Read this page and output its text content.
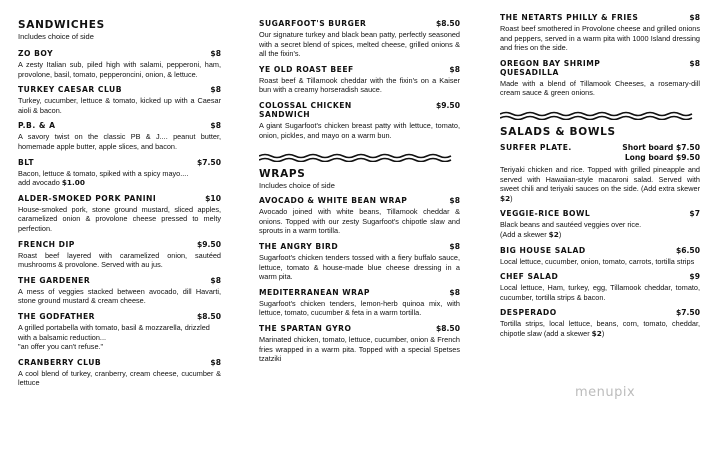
SANDWICHES
Includes choice of side
ZO BOY	$8
A zesty Italian sub, piled high with salami, pepperoni, ham, provolone, basil, tomato, pepperoncini, onion, & lettuce.
TURKEY CAESAR CLUB	$8
Turkey, cucumber, lettuce & tomato, kicked up with a Caesar aioli & bacon.
P.B. & A	$8
A savory twist on the classic PB & J.... peanut butter, homemade apple butter, apple slices, and bacon.
BLT	$7.50
Bacon, lettuce & tomato, spiked with a spicy mayo....
add avocado $1.00
ALDER-SMOKED PORK PANINI	$10
House-smoked pork, stone ground mustard, sliced apples, caramelized onion & provolone cheese pressed to melty perfection.
FRENCH DIP	$9.50
Roast beef layered with caramelized onion, sautéed mushrooms & provolone. Served with au jus.
THE GARDENER	$8
A mess of veggies stacked between avocado, dill Havarti, stone ground mustard & cream cheese.
THE GODFATHER	$8.50
A grilled portabella with tomato, basil & mozzarella, drizzled with a balsamic reduction...
"an offer you can't refuse."
CRANBERRY CLUB	$8
A cool blend of turkey, cranberry, cream cheese, cucumber & lettuce
SUGARFOOT'S BURGER	$8.50
Our signature turkey and black bean patty, perfectly seasoned with a secret blend of spices, melted cheese, grilled onions & all the fixin's.
YE OLD ROAST BEEF	$8
Roast beef & Tillamook cheddar with the fixin's on a Kaiser bun with a creamy horseradish sauce.
COLOSSAL CHICKEN
SANDWICH
$9.50
A giant Sugarfoot's chicken breast patty with lettuce, tomato, onion, pickles, and mayo on a warm bun.
WRAPS
Includes choice of side
AVOCADO & WHITE BEAN WRAP	$8
Avocado joined with white beans, Tillamook cheddar & onions. Topped with our zesty Sugarfoot's chipotle slaw and sprouts in a warm tortilla.
THE ANGRY BIRD	$8
Sugarfoot's chicken tenders tossed with a fiery buffalo sauce, lettuce, tomato & house-made blue cheese dressing in a warm pita.
MEDITERRANEAN WRAP	$8
Sugarfoot's chicken tenders, lemon-herb quinoa mix, with lettuce, tomato, cucumber & feta in a warm tortilla.
THE SPARTAN GYRO	$8.50
Marinated chicken, tomato, lettuce, cucumber, onion & French fries wrapped in a warm pita. Topped with a special Spetses tzatziki
THE NETARTS PHILLY & FRIES	$8
Roast beef smothered in Provolone cheese and grilled onions and peppers, served in a warm pita with 1000 Island dressing and fries on the side.
OREGON BAY SHRIMP
QUESADILLA
$8
Made with a blend of Tillamook Cheeses, a rosemary-dill cream sauce & green onions.
SALADS & BOWLS
SURFER PLATE.	Short board $7.50
Long board $9.50
Teriyaki chicken and rice. Topped with grilled pineapple and served with Hawaiian-style macaroni salad. Served with sweet chili and teriyaki sauces on the side. (Add extra skewer $2)
VEGGIE-RICE BOWL	$7
Black beans and sautéed veggies over rice.
(Add a skewer $2)
BIG HOUSE SALAD	$6.50
Local lettuce, cucumber, onion, tomato, carrots, tortilla strips
CHEF SALAD	$9
Local lettuce, Ham, turkey, egg, Tillamook cheddar, tomato, cucumber, tortilla strips & bacon.
DESPERADO	$7.50
Tortilla strips, local lettuce, beans, corn, tomato, cheddar, chipotle slaw (add a skewer $2)
menupix
